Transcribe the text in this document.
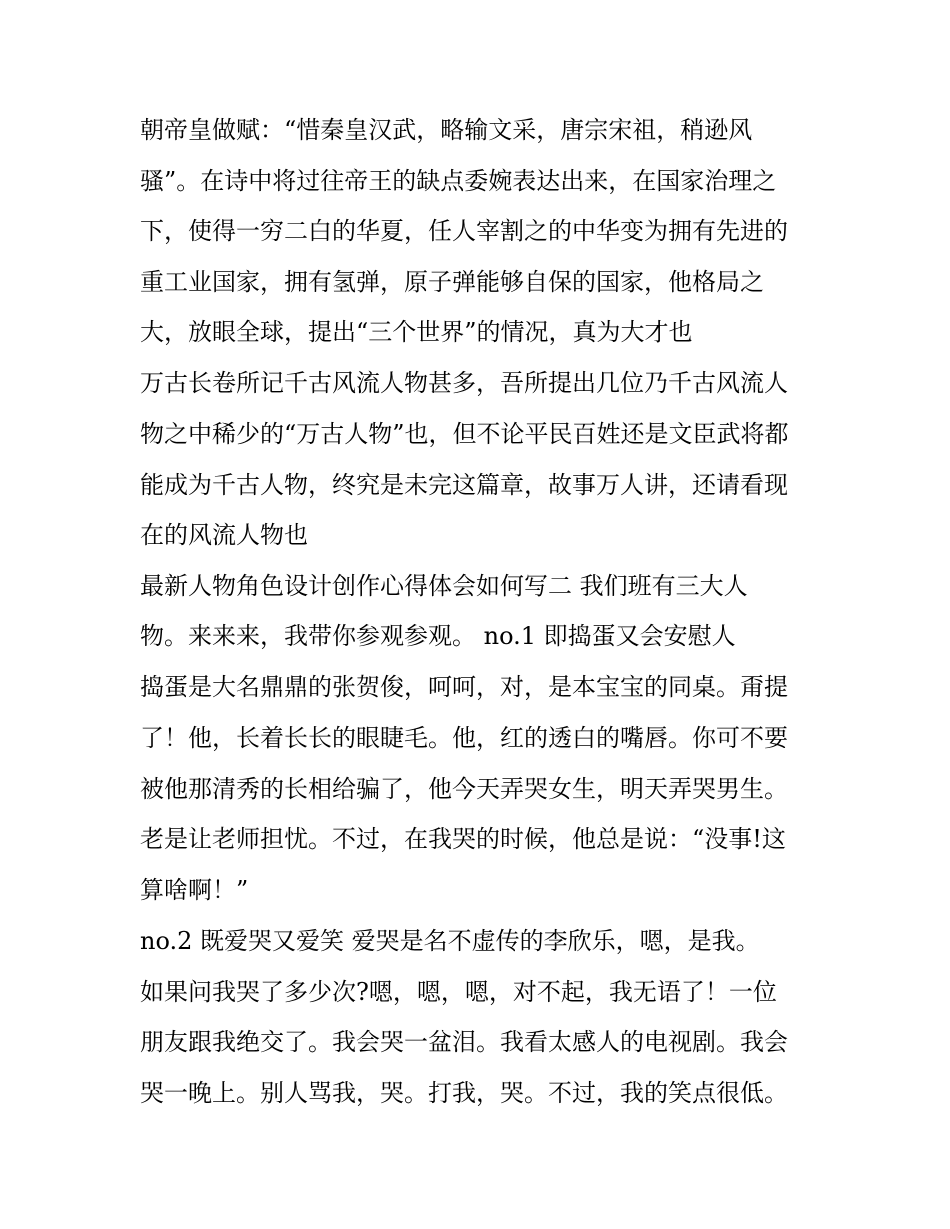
朝帝皇做赋：“惜秦皇汉武，略输文采，唐宗宋祖，稍逊风

骚”。在诗中将过往帝王的缺点委婉表达出来，在国家治理之

下，使得一穷二白的华夏，任人宰割之的中华变为拥有先进的

重工业国家，拥有氢弹，原子弹能够自保的国家，他格局之

大，放眼全球，提出“三个世界”的情况，真为大才也

万古长卷所记千古风流人物甚多，吾所提出几位乃千古风流人

物之中稀少的“万古人物”也，但不论平民百姓还是文臣武将都

能成为千古人物，终究是未完这篇章，故事万人讲，还请看现

在的风流人物也

最新人物角色设计创作心得体会如何写二 我们班有三大人

物。来来来，我带你参观参观。 no.1 即捣蛋又会安慰人

捣蛋是大名鼎鼎的张贺俊，呵呵，对，是本宝宝的同桌。甭提

了！他，长着长长的眼睫毛。他，红的透白的嘴唇。你可不要

被他那清秀的长相给骗了，他今天弄哭女生，明天弄哭男生。

老是让老师担忧。不过，在我哭的时候，他总是说：“没事!这

算啥啊！”

no.2 既爱哭又爱笑 爱哭是名不虚传的李欣乐，嗯，是我。

如果问我哭了多少次?嗯，嗯，嗯，对不起，我无语了！一位

朋友跟我绝交了。我会哭一盆泪。我看太感人的电视剧。我会

哭一晚上。别人骂我，哭。打我，哭。不过，我的笑点很低。
